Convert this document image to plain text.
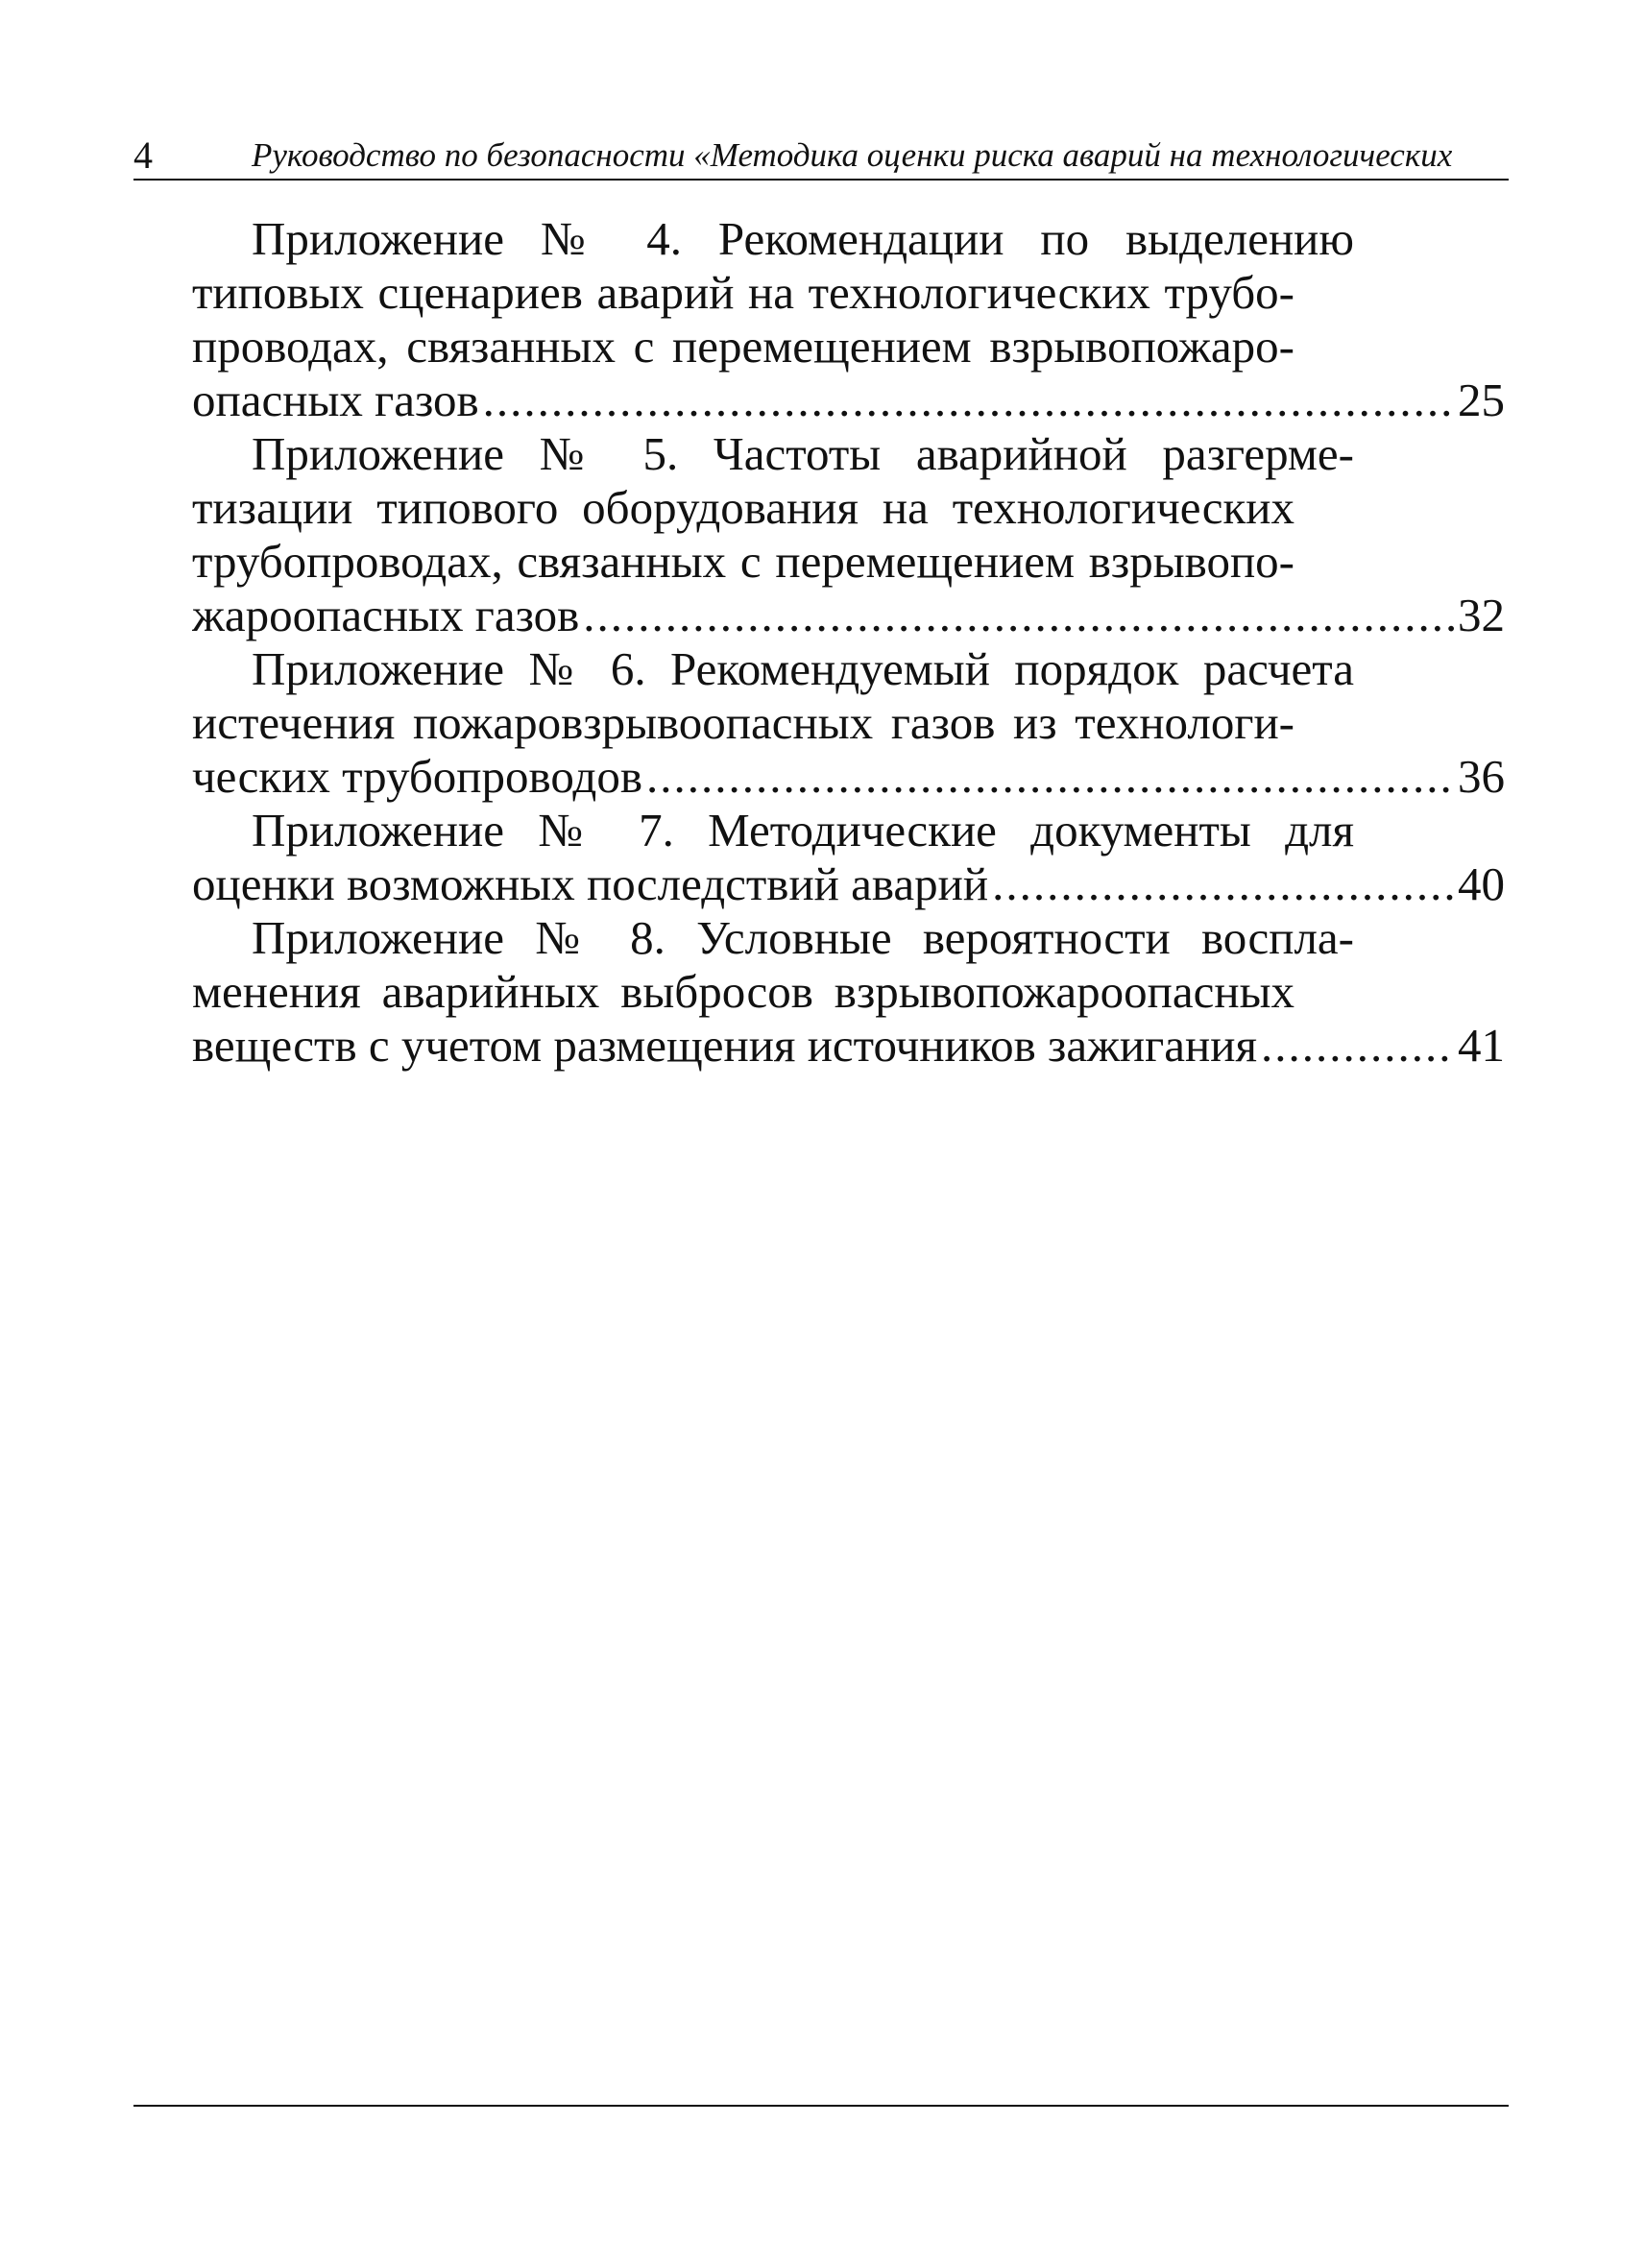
4	Руководство по безопасности «Методика оценки риска аварий на технологических
Приложение № 4. Рекомендации по выделению
типовых сценариев аварий на технологических трубо-
проводах, связанных с перемещением взрывопожаро-
опасных газов .....	25
Приложение № 5. Частоты аварийной разгерме-
тизации типового оборудования на технологических
трубопроводах, связанных с перемещением взрывопо-
жароопасных газов .....	32
Приложение № 6. Рекомендуемый порядок расчета
истечения пожаровзрывоопасных газов из технологи-
ческих трубопроводов .....	36
Приложение № 7. Методические документы для
оценки возможных последствий аварий .....	40
Приложение № 8. Условные вероятности воспла-
менения аварийных выбросов взрывопожароопасных
веществ с учетом размещения источников зажигания .....	41
